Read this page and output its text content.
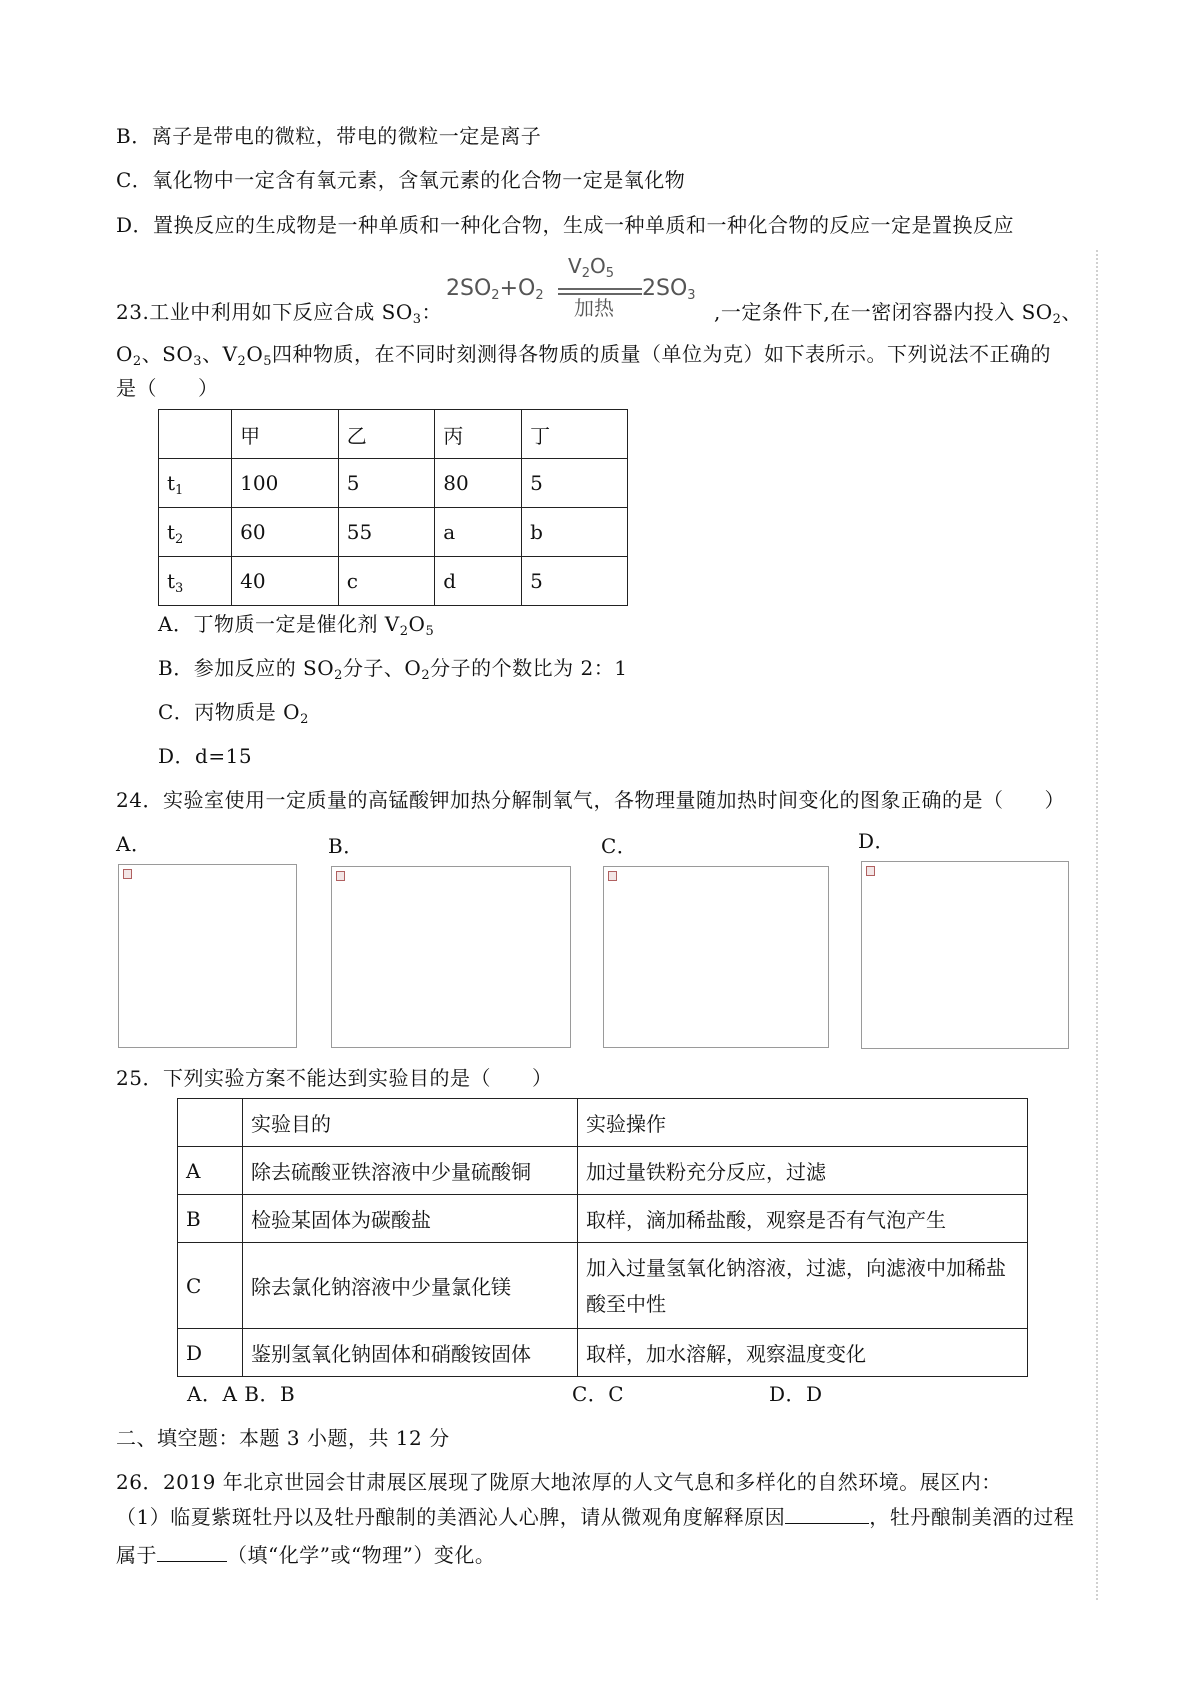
B．离子是带电的微粒，带电的微粒一定是离子
C．氧化物中一定含有氧元素，含氧元素的化合物一定是氧化物
D．置换反应的生成物是一种单质和一种化合物，生成一种单质和一种化合物的反应一定是置换反应
23.工业中利用如下反应合成 $SO_3$：
$2SO_2+O_2$
$V_2O_5$
加热
$2SO_3$
,一定条件下,在一密闭容器内投入 $SO_2$、
$O_2$、$SO_3$、$V_2O_5$四种物质，在不同时刻测得各物质的质量（单位为克）如下表所示。下列说法不正确的
是（　　）
	甲	乙	丙	丁
$t_1$	100	5	80	5
$t_2$	60	55	a	b
$t_3$	40	c	d	5
A．丁物质一定是催化剂 $V_2O_5$
B．参加反应的 $SO_2$分子、$O_2$分子的个数比为 2：1
C．丙物质是 $O_2$
D．d=15
24．实验室使用一定质量的高锰酸钾加热分解制氧气，各物理量随加热时间变化的图象正确的是（　　）
A．	B．	C．	D．
25．下列实验方案不能达到实验目的是（　　）
	实验目的	实验操作
A	除去硫酸亚铁溶液中少量硫酸铜	加过量铁粉充分反应，过滤
B	检验某固体为碳酸盐	取样，滴加稀盐酸，观察是否有气泡产生
C	除去氯化钠溶液中少量氯化镁	加入过量氢氧化钠溶液，过滤，向滤液中加稀盐
酸至中性

D	鉴别氢氧化钠固体和硝酸铵固体	取样，加水溶解，观察温度变化
A．A B．B	C．C	D．D
二、填空题：本题 3 小题，共 12 分
26．2019 年北京世园会甘肃展区展现了陇原大地浓厚的人文气息和多样化的自然环境。展区内：
（1）临夏紫斑牡丹以及牡丹酿制的美酒沁人心脾，请从微观角度解释原因	，牡丹酿制美酒的过程
属于	（填“化学”或“物理”）变化。
